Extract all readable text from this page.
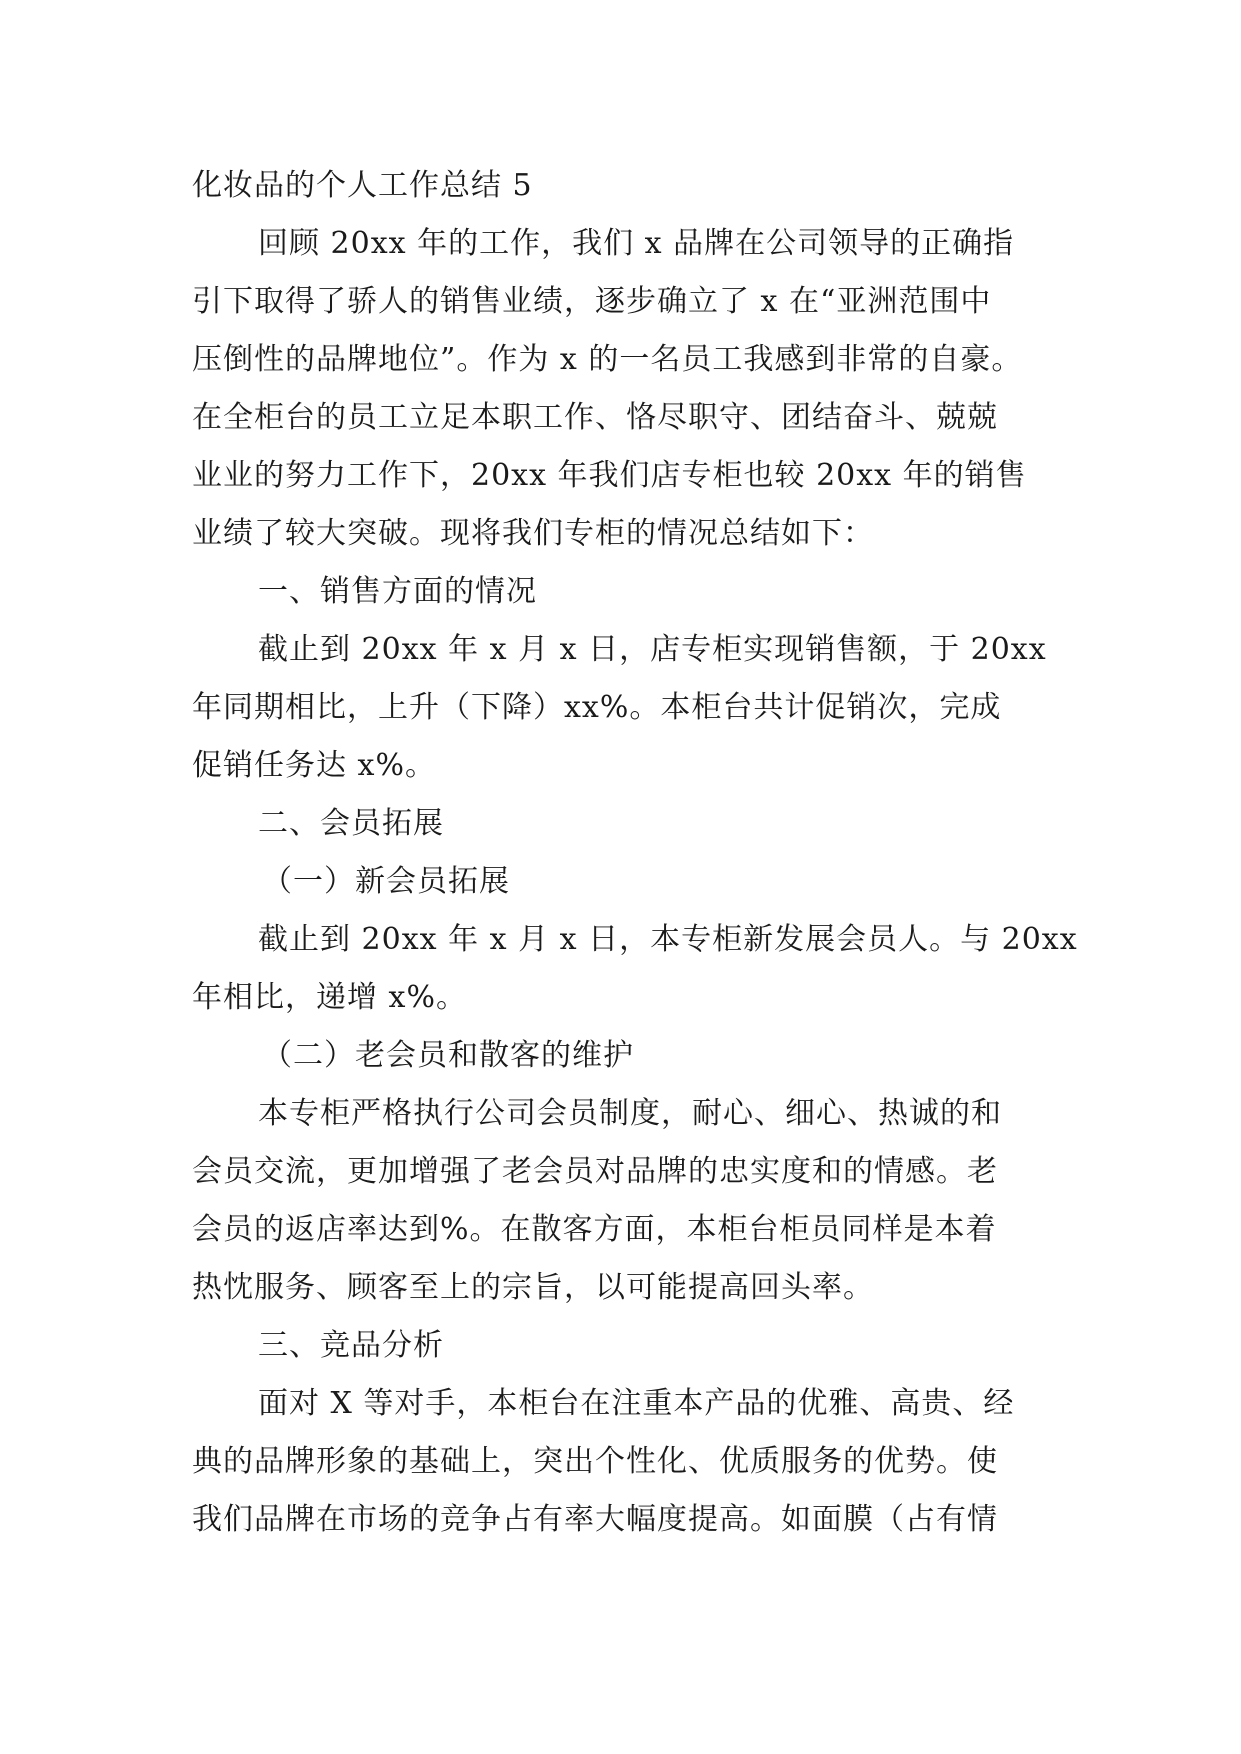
化妆品的个人工作总结 5
回顾 20xx 年的工作，我们 x 品牌在公司领导的正确指
引下取得了骄人的销售业绩，逐步确立了 x 在“亚洲范围中
压倒性的品牌地位”。作为 x 的一名员工我感到非常的自豪。
在全柜台的员工立足本职工作、恪尽职守、团结奋斗、兢兢
业业的努力工作下，20xx 年我们店专柜也较 20xx 年的销售
业绩了较大突破。现将我们专柜的情况总结如下：
一、销售方面的情况
截止到 20xx 年 x 月 x 日，店专柜实现销售额，于 20xx
年同期相比，上升（下降）xx%。本柜台共计促销次，完成
促销任务达 x%。
二、会员拓展
（一）新会员拓展
截止到 20xx 年 x 月 x 日，本专柜新发展会员人。与 20xx
年相比，递增 x%。
（二）老会员和散客的维护
本专柜严格执行公司会员制度，耐心、细心、热诚的和
会员交流，更加增强了老会员对品牌的忠实度和的情感。老
会员的返店率达到%。在散客方面，本柜台柜员同样是本着
热忱服务、顾客至上的宗旨，以可能提高回头率。
三、竞品分析
面对 X 等对手，本柜台在注重本产品的优雅、高贵、经
典的品牌形象的基础上，突出个性化、优质服务的优势。使
我们品牌在市场的竞争占有率大幅度提高。如面膜（占有情
